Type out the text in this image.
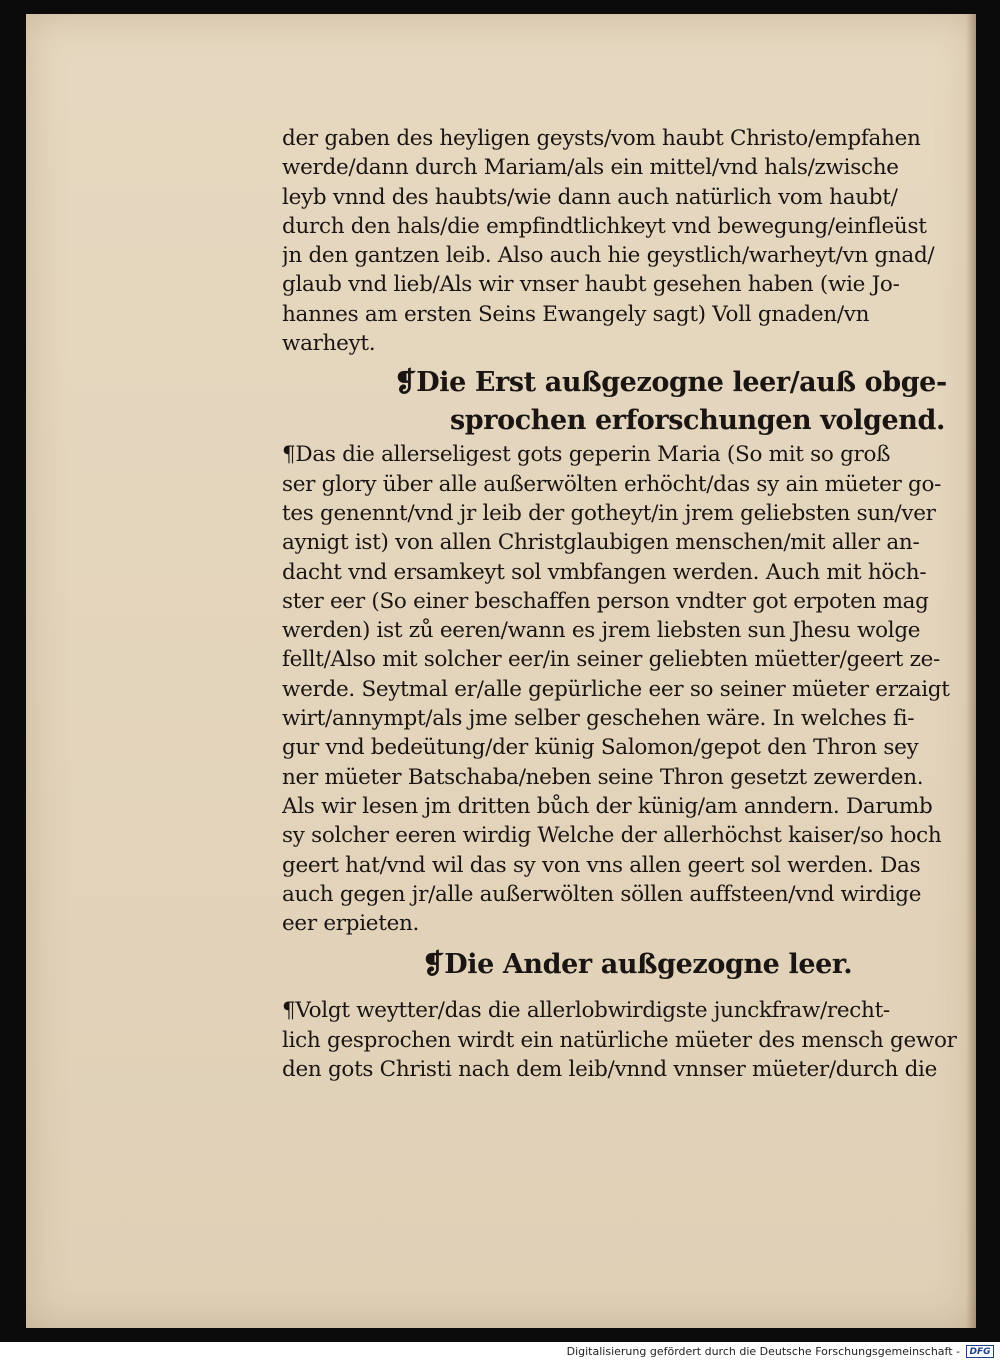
der gaben des heyligen geysts/vom haubt Christo/empfahen
werde/dann durch Mariam/als ein mittel/vnd hals/zwische
leyb vnnd des haubts/wie dann auch natürlich vom haubt/
durch den hals/die empfindtlichkeyt vnd bewegung/einfleüst
jn den gantzen leib. Also auch hie geystlich/warheyt/vn gnad/
glaub vnd lieb/Als wir vnser haubt gesehen haben (wie Jo-
hannes am ersten Seins Ewangely sagt) Voll gnaden/vn
warheyt.
❡Die Erst außgezogne leer/auß obge-
sprochen erforschungen volgend.
¶Das die allerseligest gots geperin Maria (So mit so groß
ser glory über alle außerwölten erhöcht/das sy ain müeter go-
tes genennt/vnd jr leib der gotheyt/in jrem geliebsten sun/ver
aynigt ist) von allen Christglaubigen menschen/mit aller an-
dacht vnd ersamkeyt sol vmbfangen werden. Auch mit höch-
ster eer (So einer beschaffen person vndter got erpoten mag
werden) ist zů eeren/wann es jrem liebsten sun Jhesu wolge
fellt/Also mit solcher eer/in seiner geliebten müetter/geert ze-
werde. Seytmal er/alle gepürliche eer so seiner müeter erzaigt
wirt/annympt/als jme selber geschehen wäre. In welches fi-
gur vnd bedeütung/der künig Salomon/gepot den Thron sey
ner müeter Batschaba/neben seine Thron gesetzt zewerden.
Als wir lesen jm dritten bůch der künig/am anndern. Darumb
sy solcher eeren wirdig Welche der allerhöchst kaiser/so hoch
geert hat/vnd wil das sy von vns allen geert sol werden. Das
auch gegen jr/alle außerwölten söllen auffsteen/vnd wirdige
eer erpieten.
❡Die Ander außgezogne leer.
¶Volgt weytter/das die allerlobwirdigste junckfraw/recht-
lich gesprochen wirdt ein natürliche müeter des mensch gewor
den gots Christi nach dem leib/vnnd vnnser müeter/durch die
Digitalisierung gefördert durch die Deutsche Forschungsgemeinschaft -	DFG
